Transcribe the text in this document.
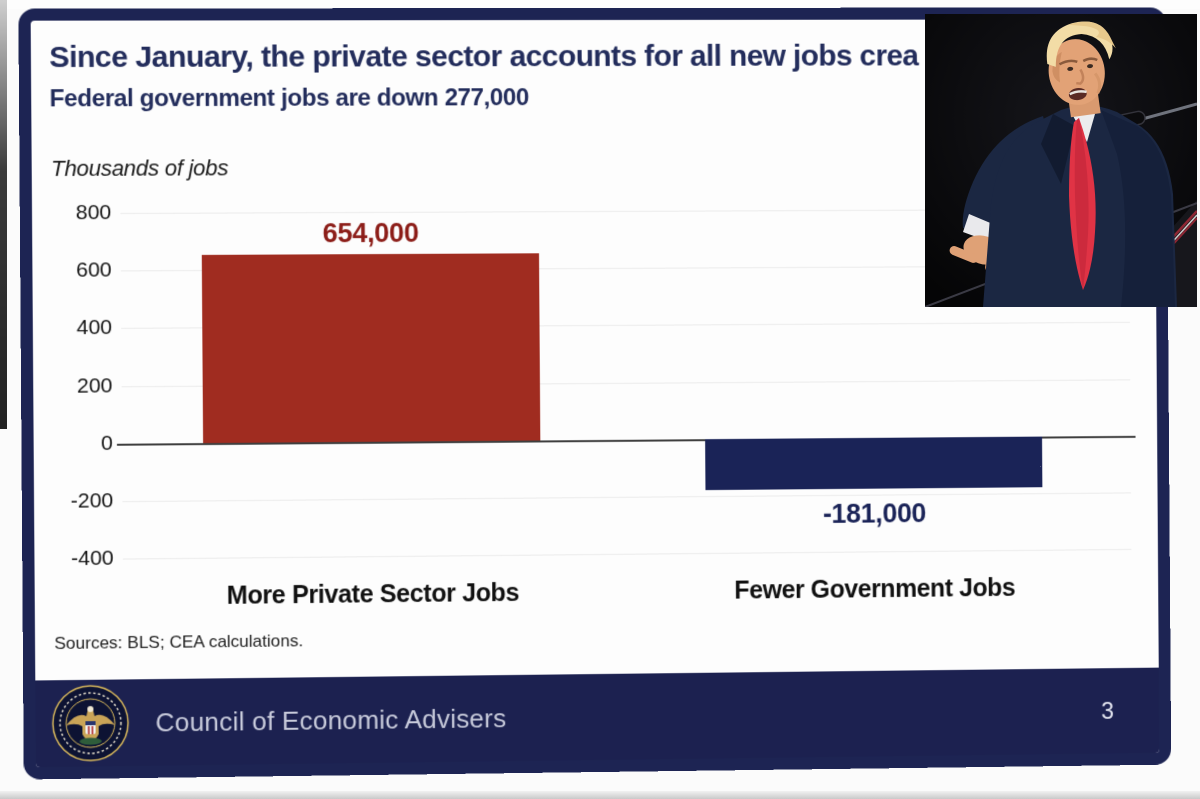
Since January, the private sector accounts for all new jobs crea
Federal government jobs are down 277,000
Thousands of jobs
800
600
400
200
0
-200
-400
654,000
More Private Sector Jobs
-181,000
Fewer Government Jobs
Sources: BLS; CEA calculations.
Council of Economic Advisers	3
